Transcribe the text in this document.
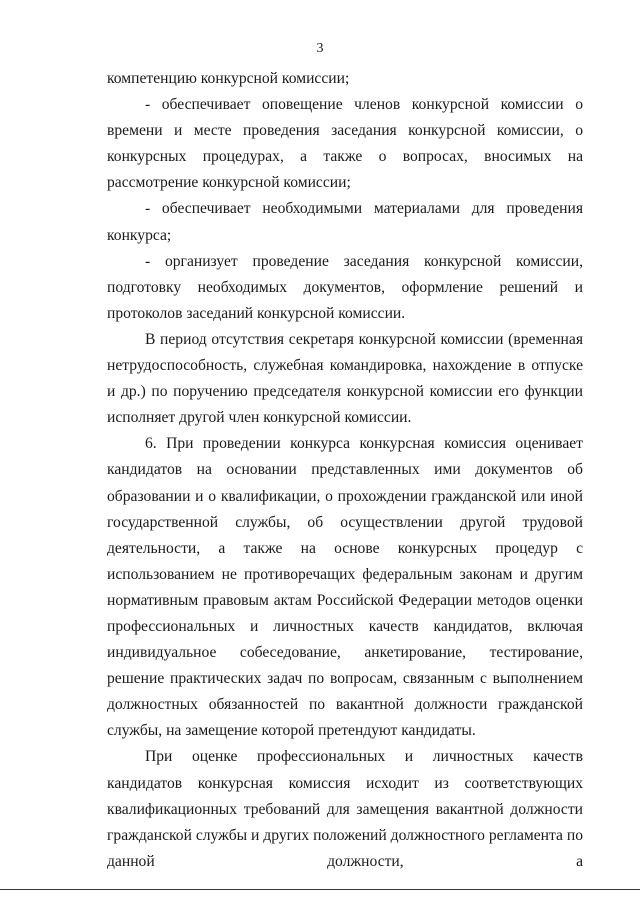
3

компетенцию конкурсной комиссии;

- обеспечивает оповещение членов конкурсной комиссии о времени и месте проведения заседания конкурсной комиссии, о конкурсных процедурах, а также о вопросах, вносимых на рассмотрение конкурсной комиссии;

- обеспечивает необходимыми материалами для проведения конкурса;

- организует проведение заседания конкурсной комиссии, подготовку необходимых документов, оформление решений и протоколов заседаний конкурсной комиссии.

В период отсутствия секретаря конкурсной комиссии (временная нетрудоспособность, служебная командировка, нахождение в отпуске и др.) по поручению председателя конкурсной комиссии его функции исполняет другой член конкурсной комиссии.

6. При проведении конкурса конкурсная комиссия оценивает кандидатов на основании представленных ими документов об образовании и о квалификации, о прохождении гражданской или иной государственной службы, об осуществлении другой трудовой деятельности, а также на основе конкурсных процедур с использованием не противоречащих федеральным законам и другим нормативным правовым актам Российской Федерации методов оценки профессиональных и личностных качеств кандидатов, включая индивидуальное собеседование, анкетирование, тестирование, решение практических задач по вопросам, связанным с выполнением должностных обязанностей по вакантной должности гражданской службы, на замещение которой претендуют кандидаты.

При оценке профессиональных и личностных качеств кандидатов конкурсная комиссия исходит из соответствующих квалификационных требований для замещения вакантной должности гражданской службы и других положений должностного регламента по данной должности, а
